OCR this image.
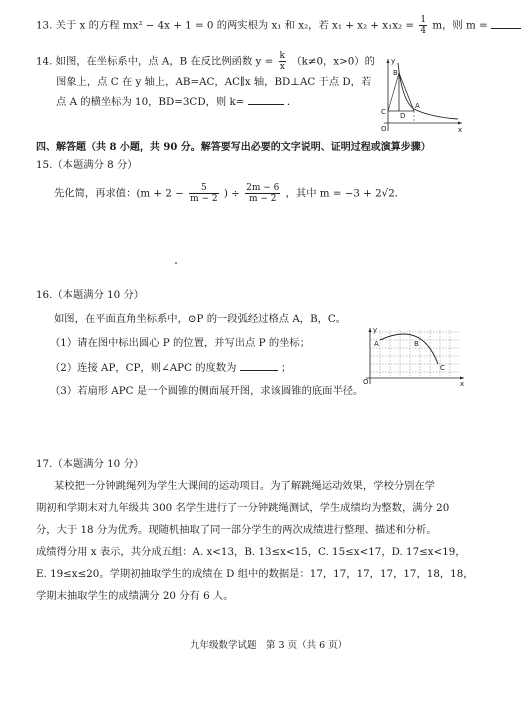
13. 关于 x 的方程 mx² − 4x + 1 = 0 的两实根为 x₁ 和 x₂，若 $x_1 + x_2 + x_1x_2 = \frac{1}{4}$ m，则 m =
14. 如图，在坐标系中，点 A，B 在反比例函数 $y = \frac{k}{x} (k\ne 0$，x>0）的
图象上，点 C 在 y 轴上，AB=AC，AC∥x 轴，BD⊥AC 于点 D，若
点 A 的横坐标为 10，BD=3CD，则 k=	．
y
B
C D
A
O	x
四、解答题（共 8 小题，共 90 分。解答要写出必要的文字说明、证明过程或演算步骤）
15.（本题满分 8 分）
先化简，再求值：($m + 2 - \frac{5}{m - 2}$ ) ÷ $\frac{2m - 6}{m - 2}$ ，其中 m = −3 + 2√2．
16.（本题满分 10 分）
如图，在平面直角坐标系中，⊙P 的一段弧经过格点 A，B，C。
（1）请在图中标出圆心 P 的位置，并写出点 P 的坐标；
（2）连接 AP，CP，则∠APC 的度数为	；
（3）若扇形 APC 是一个圆锥的侧面展开图，求该圆锥的底面半径。
y
A	B
C
O	x
17.（本题满分 10 分）
某校把一分钟跳绳列为学生大课间的运动项目。为了解跳绳运动效果，学校分别在学
期初和学期末对九年级共 300 名学生进行了一分钟跳绳测试，学生成绩均为整数，满分 20
分，大于 18 分为优秀。现随机抽取了同一部分学生的两次成绩进行整理、描述和分析。
成绩得分用 x 表示，共分成五组：A. x<13，B. 13≤x<15，C. 15≤x<17，D. 17≤x<19，
E. 19≤x≤20。学期初抽取学生的成绩在 D 组中的数据是：17，17，17，17，17，18，18，
学期末抽取学生的成绩满分 20 分有 6 人。
九年级数学试题　第 3 页（共 6 页）
